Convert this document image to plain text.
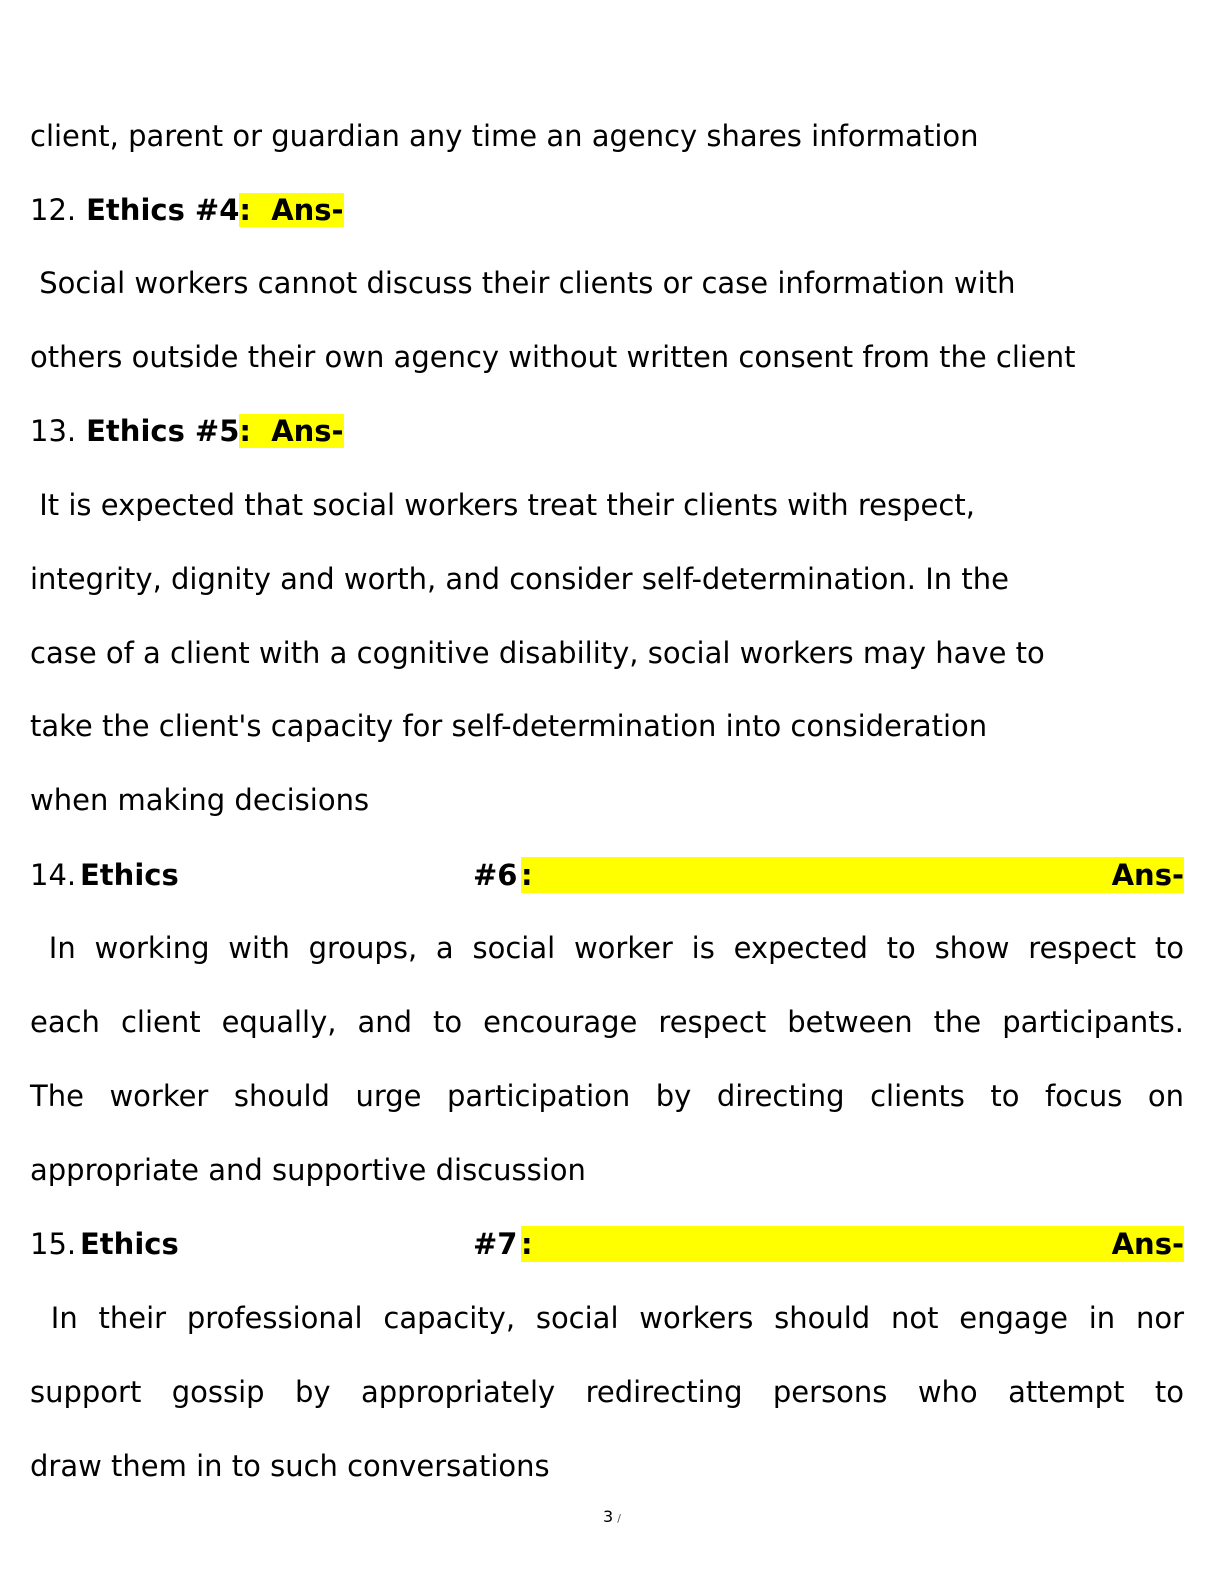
client, parent or guardian any time an agency shares information
12. Ethics #4:  Ans-
Social workers cannot discuss their clients or case information with
others outside their own agency without written consent from the client
13. Ethics #5:  Ans-
It is expected that social workers treat their clients with respect,
integrity, dignity and worth, and consider self-determination. In the
case of a client with a cognitive disability, social workers may have to
take the client's capacity for self-determination into consideration
when making decisions
14. Ethics	#6 :	Ans-
In working with groups, a social worker is expected to show respect to
each client equally, and to encourage respect between the participants.
The worker should urge participation by directing clients to focus on
appropriate and supportive discussion
15. Ethics	#7 :	Ans-
In their professional capacity, social workers should not engage in nor
support gossip by appropriately redirecting persons who attempt to
draw them in to such conversations
3 /
